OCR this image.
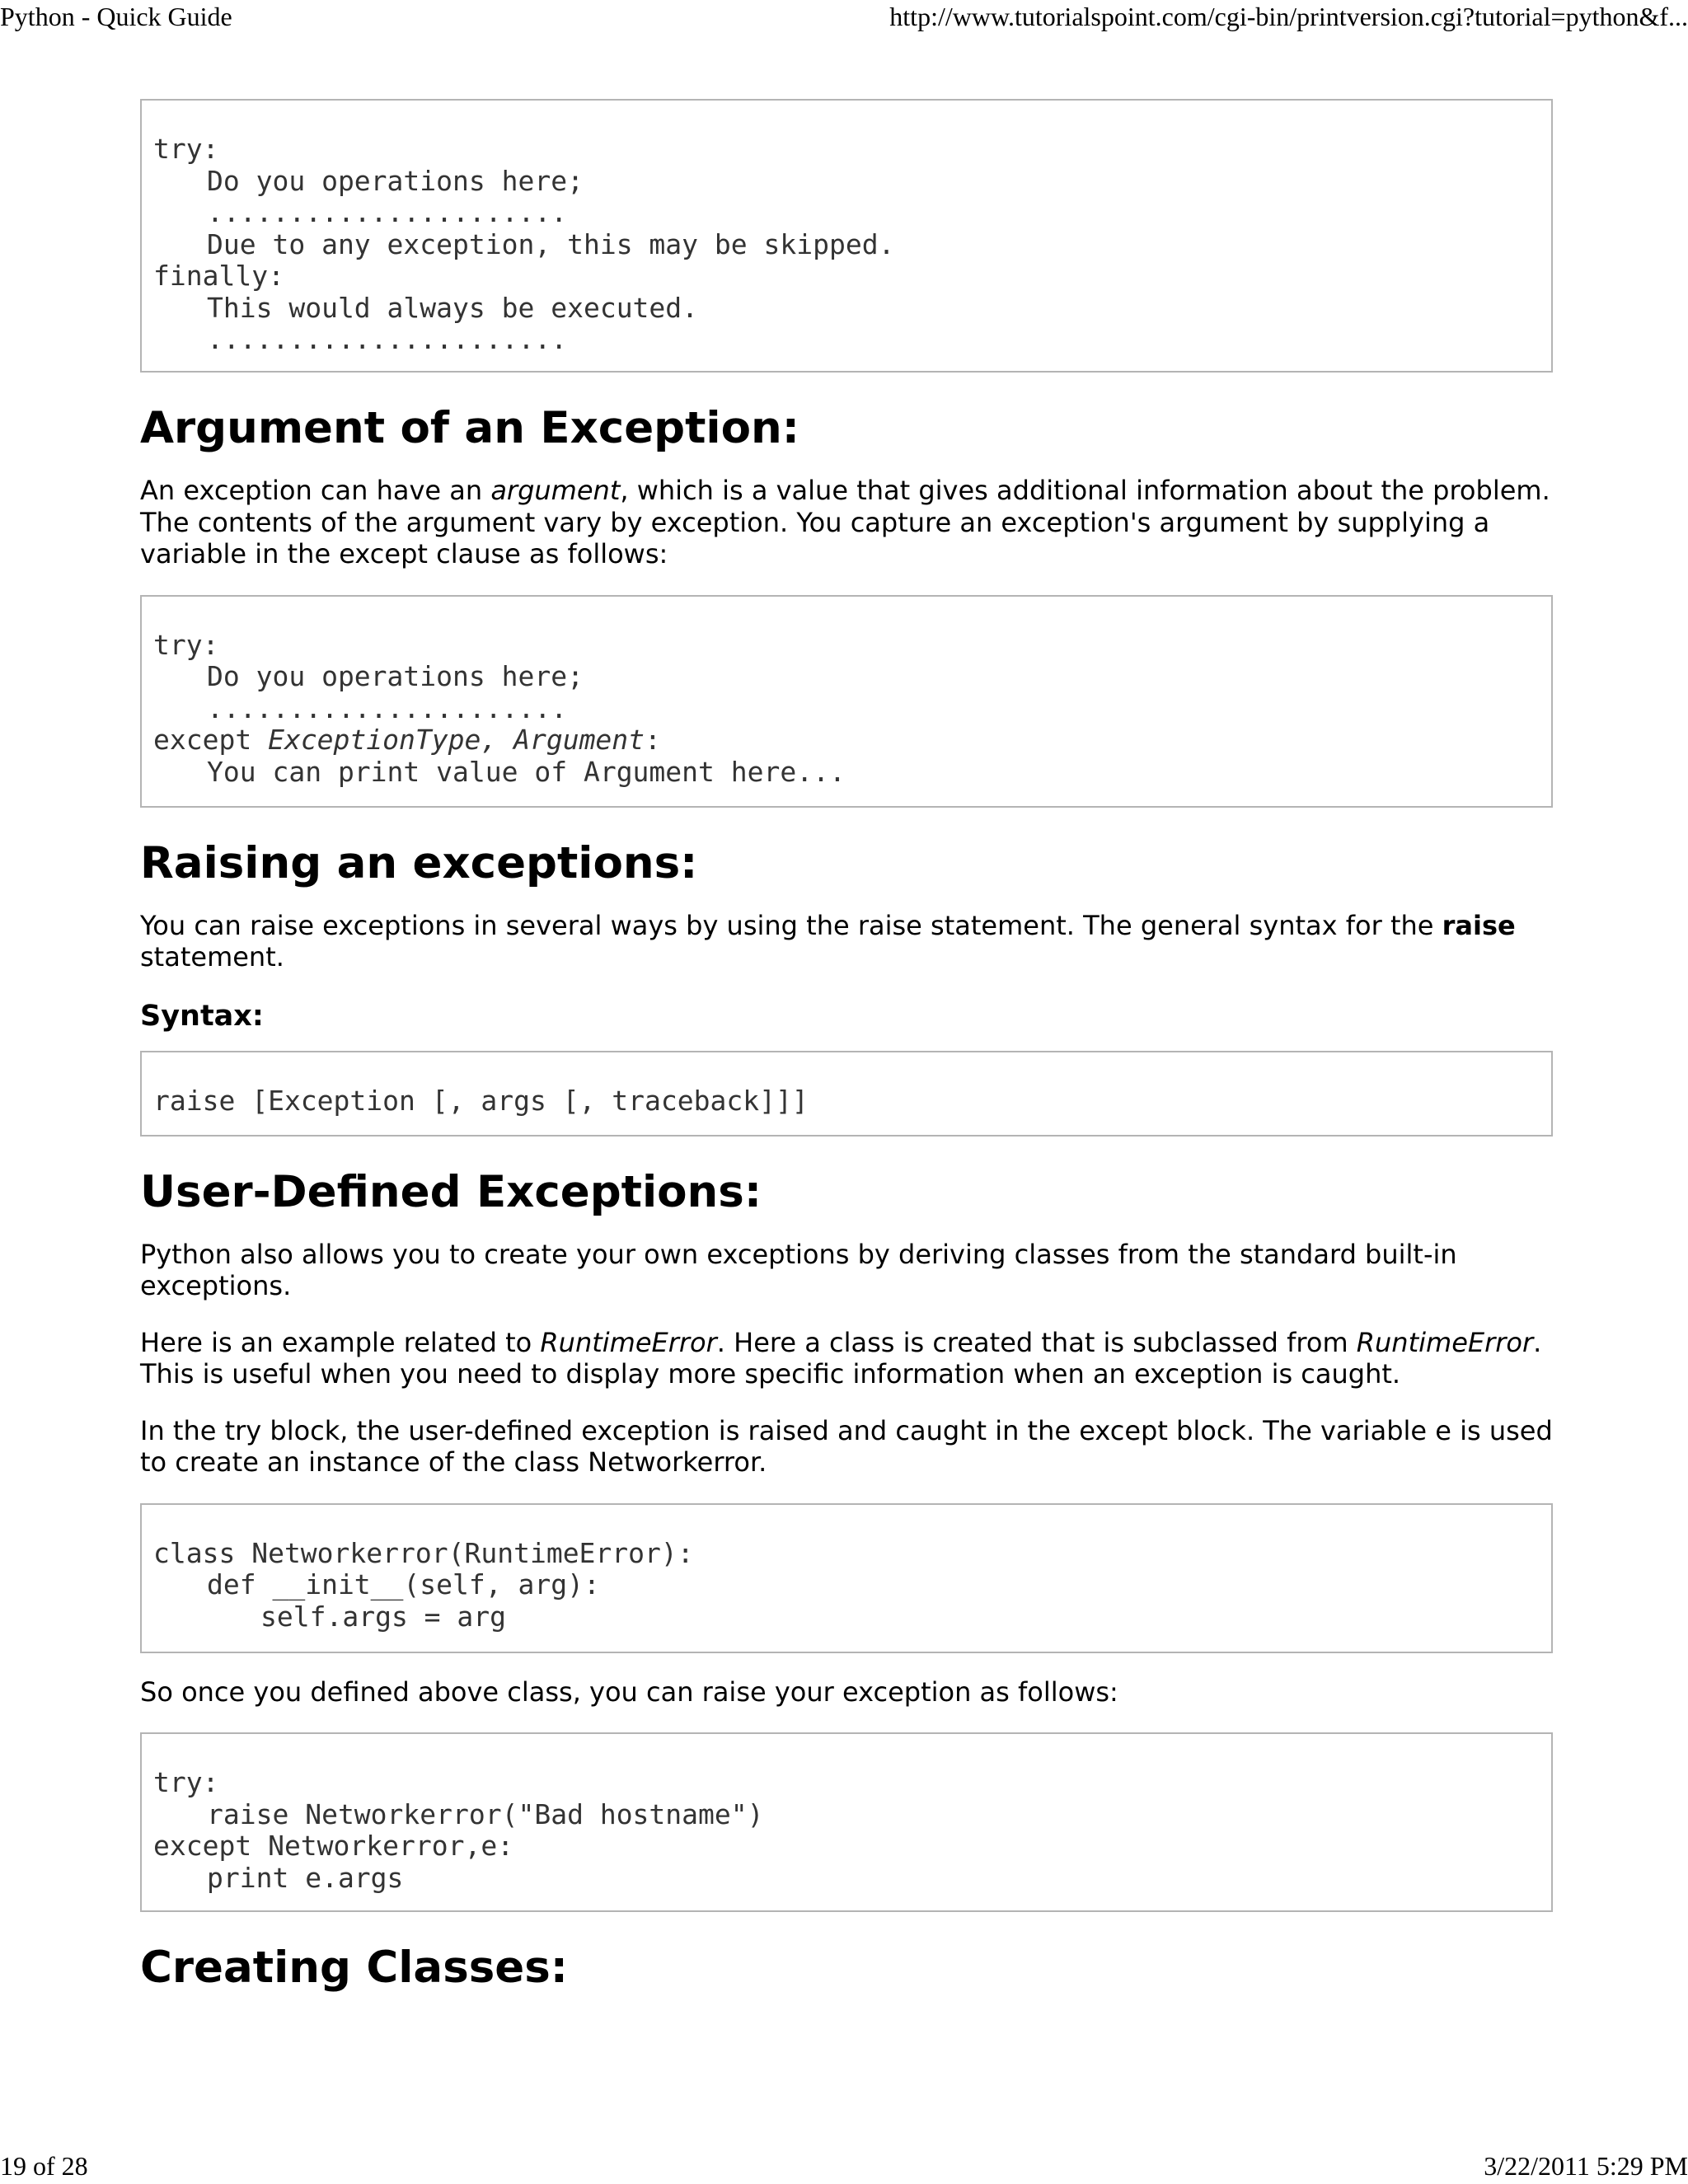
Python - Quick Guide	http://www.tutorialspoint.com/cgi-bin/printversion.cgi?tutorial=python&f...
try:
Do you operations here;
......................
Due to any exception, this may be skipped.
finally:
This would always be executed.
......................
Argument of an Exception:

An exception can have an argument, which is a value that gives additional information about the problem. The contents of the argument vary by exception. You capture an exception's argument by supplying a variable in the except clause as follows:

try:
Do you operations here;
......................
except ExceptionType, Argument:
You can print value of Argument here...
Raising an exceptions:

You can raise exceptions in several ways by using the raise statement. The general syntax for the raise statement.

Syntax:
raise [Exception [, args [, traceback]]]
User-Defined Exceptions:

Python also allows you to create your own exceptions by deriving classes from the standard built-in exceptions.

Here is an example related to RuntimeError. Here a class is created that is subclassed from RuntimeError. This is useful when you need to display more specific information when an exception is caught.

In the try block, the user-defined exception is raised and caught in the except block. The variable e is used to create an instance of the class Networkerror.

class Networkerror(RuntimeError):
def __init__(self, arg):
self.args = arg

So once you defined above class, you can raise your exception as follows:

try:
raise Networkerror("Bad hostname")
except Networkerror,e:
print e.args
Creating Classes:
19 of 28	3/22/2011 5:29 PM
